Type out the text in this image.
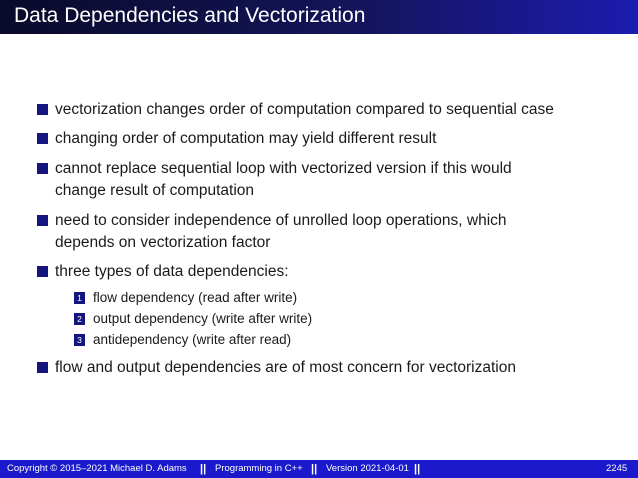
Data Dependencies and Vectorization
vectorization changes order of computation compared to sequential case
changing order of computation may yield different result
cannot replace sequential loop with vectorized version if this would
change result of computation
need to consider independence of unrolled loop operations, which
depends on vectorization factor
three types of data dependencies:
1 flow dependency (read after write)
2 output dependency (write after write)
3 antidependency (write after read)
flow and output dependencies are of most concern for vectorization
Copyright © 2015–2021 Michael D. Adams || Programming in C++ || Version 2021-04-01 ||	2245
